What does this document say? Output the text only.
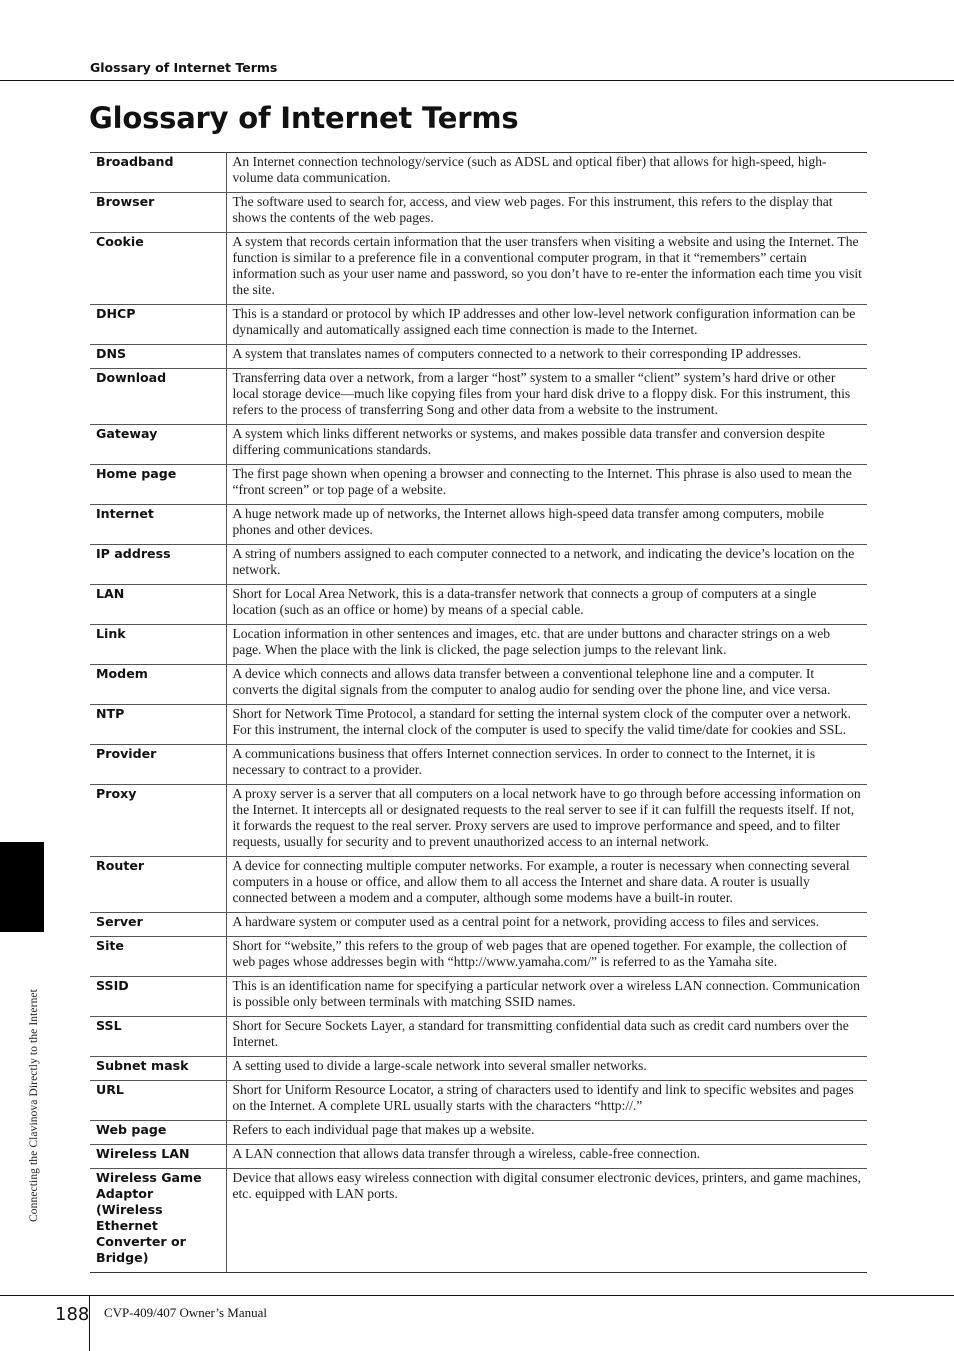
Glossary of Internet Terms
Glossary of Internet Terms
Broadband	An Internet connection technology/service (such as ADSL and optical fiber) that allows for high-speed, high-volume data communication.
Browser	The software used to search for, access, and view web pages. For this instrument, this refers to the display that shows the contents of the web pages.
Cookie	A system that records certain information that the user transfers when visiting a website and using the Internet. The function is similar to a preference file in a conventional computer program, in that it “remembers” certain information such as your user name and password, so you don’t have to re-enter the information each time you visit the site.
DHCP	This is a standard or protocol by which IP addresses and other low-level network configuration information can be dynamically and automatically assigned each time connection is made to the Internet.
DNS	A system that translates names of computers connected to a network to their corresponding IP addresses.
Download	Transferring data over a network, from a larger “host” system to a smaller “client” system’s hard drive or other local storage device—much like copying files from your hard disk drive to a floppy disk. For this instrument, this refers to the process of transferring Song and other data from a website to the instrument.
Gateway	A system which links different networks or systems, and makes possible data transfer and conversion despite differing communications standards.
Home page	The first page shown when opening a browser and connecting to the Internet. This phrase is also used to mean the “front screen” or top page of a website.
Internet	A huge network made up of networks, the Internet allows high-speed data transfer among computers, mobile phones and other devices.
IP address	A string of numbers assigned to each computer connected to a network, and indicating the device’s location on the network.
LAN	Short for Local Area Network, this is a data-transfer network that connects a group of computers at a single location (such as an office or home) by means of a special cable.
Link	Location information in other sentences and images, etc. that are under buttons and character strings on a web page. When the place with the link is clicked, the page selection jumps to the relevant link.
Modem	A device which connects and allows data transfer between a conventional telephone line and a computer. It converts the digital signals from the computer to analog audio for sending over the phone line, and vice versa.
NTP	Short for Network Time Protocol, a standard for setting the internal system clock of the computer over a network. For this instrument, the internal clock of the computer is used to specify the valid time/date for cookies and SSL.
Provider	A communications business that offers Internet connection services. In order to connect to the Internet, it is necessary to contract to a provider.
Proxy	A proxy server is a server that all computers on a local network have to go through before accessing information on the Internet. It intercepts all or designated requests to the real server to see if it can fulfill the requests itself. If not, it forwards the request to the real server. Proxy servers are used to improve performance and speed, and to filter requests, usually for security and to prevent unauthorized access to an internal network.
Router	A device for connecting multiple computer networks. For example, a router is necessary when connecting several computers in a house or office, and allow them to all access the Internet and share data. A router is usually connected between a modem and a computer, although some modems have a built-in router.
Server	A hardware system or computer used as a central point for a network, providing access to files and services.
Site	Short for “website,” this refers to the group of web pages that are opened together. For example, the collection of web pages whose addresses begin with “http://www.yamaha.com/” is referred to as the Yamaha site.
SSID	This is an identification name for specifying a particular network over a wireless LAN connection. Communication is possible only between terminals with matching SSID names.
SSL	Short for Secure Sockets Layer, a standard for transmitting confidential data such as credit card numbers over the Internet.
Subnet mask	A setting used to divide a large-scale network into several smaller networks.
URL	Short for Uniform Resource Locator, a string of characters used to identify and link to specific websites and pages on the Internet. A complete URL usually starts with the characters “http://.”
Web page	Refers to each individual page that makes up a website.
Wireless LAN	A LAN connection that allows data transfer through a wireless, cable-free connection.
Wireless Game Adaptor (Wireless Ethernet Converter or Bridge)	Device that allows easy wireless connection with digital consumer electronic devices, printers, and game machines, etc. equipped with LAN ports.
Connecting the Clavinova Directly to the Internet
188 CVP-409/407 Owner’s Manual
